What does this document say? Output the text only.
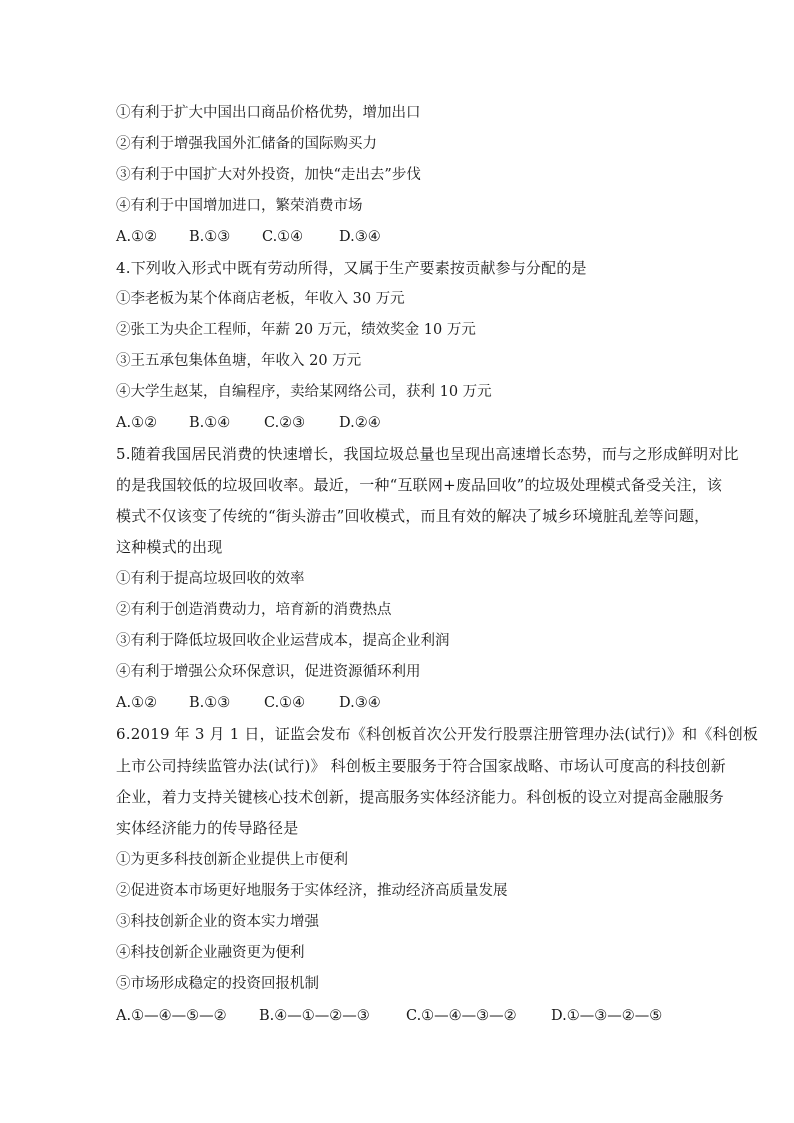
①有利于扩大中国出口商品价格优势，增加出口
②有利于增强我国外汇储备的国际购买力
③有利于中国扩大对外投资，加快“走出去”步伐
④有利于中国增加进口，繁荣消费市场
A.①② B.①③ C.①④ D.③④
4.下列收入形式中既有劳动所得，又属于生产要素按贡献参与分配的是
①李老板为某个体商店老板，年收入 30 万元
②张工为央企工程师，年薪 20 万元，绩效奖金 10 万元
③王五承包集体鱼塘，年收入 20 万元
④大学生赵某，自编程序，卖给某网络公司，获利 10 万元
A.①② B.①④ C.②③ D.②④
5.随着我国居民消费的快速增长，我国垃圾总量也呈现出高速增长态势，而与之形成鲜明对比
的是我国较低的垃圾回收率。最近，一种“互联网+废品回收”的垃圾处理模式备受关注，该
模式不仅该变了传统的“街头游击”回收模式，而且有效的解决了城乡环境脏乱差等问题，
这种模式的出现
①有利于提高垃圾回收的效率
②有利于创造消费动力，培育新的消费热点
③有利于降低垃圾回收企业运营成本，提高企业利润
④有利于增强公众环保意识，促进资源循环利用
A.①② B.①③ C.①④ D.③④
6.2019 年 3 月 1 日，证监会发布《科创板首次公开发行股票注册管理办法(试行)》和《科创板
上市公司持续监管办法(试行)》 科创板主要服务于符合国家战略、市场认可度高的科技创新
企业，着力支持关键核心技术创新，提高服务实体经济能力。科创板的设立对提高金融服务
实体经济能力的传导路径是
①为更多科技创新企业提供上市便利
②促进资本市场更好地服务于实体经济，推动经济高质量发展
③科技创新企业的资本实力增强
④科技创新企业融资更为便利
⑤市场形成稳定的投资回报机制
A.①—④—⑤—② B.④—①—②—③ C.①—④—③—② D.①—③—②—⑤
